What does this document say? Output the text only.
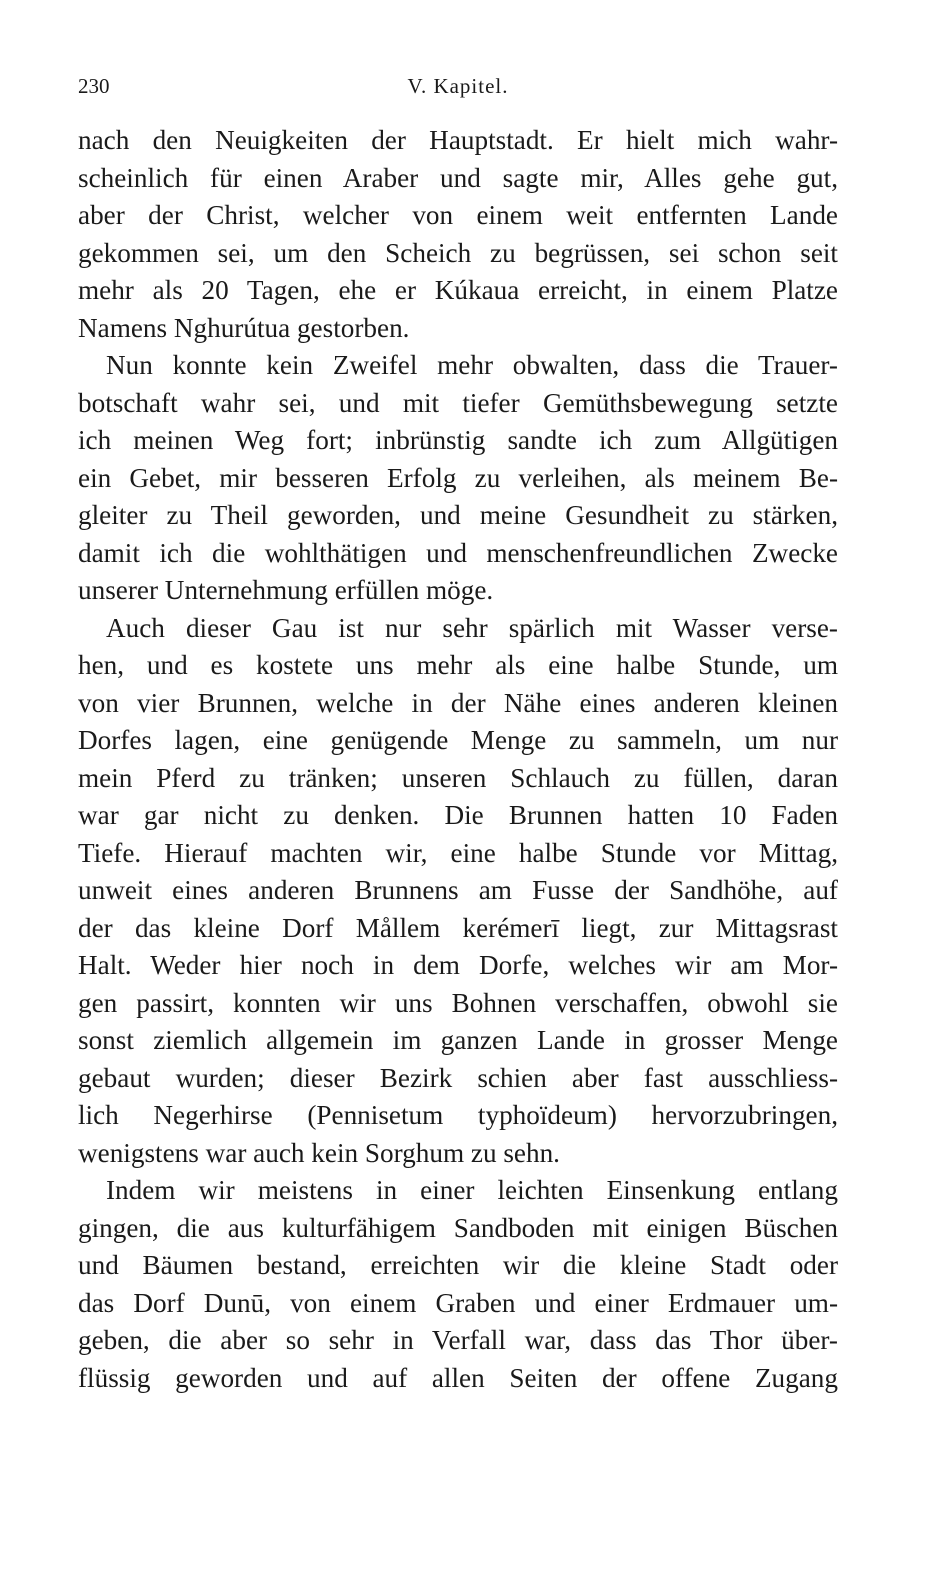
230	V. Kapitel.
nach den Neuigkeiten der Hauptstadt. Er hielt mich wahr-
scheinlich für einen Araber und sagte mir, Alles gehe gut,
aber der Christ, welcher von einem weit entfernten Lande
gekommen sei, um den Scheich zu begrüssen, sei schon seit
mehr als 20 Tagen, ehe er Kúkaua erreicht, in einem Platze
Namens Nghurútua gestorben.
Nun konnte kein Zweifel mehr obwalten, dass die Trauer-
botschaft wahr sei, und mit tiefer Gemüthsbewegung setzte
ich meinen Weg fort; inbrünstig sandte ich zum Allgütigen
ein Gebet, mir besseren Erfolg zu verleihen, als meinem Be-
gleiter zu Theil geworden, und meine Gesundheit zu stärken,
damit ich die wohlthätigen und menschenfreundlichen Zwecke
unserer Unternehmung erfüllen möge.
Auch dieser Gau ist nur sehr spärlich mit Wasser verse-
hen, und es kostete uns mehr als eine halbe Stunde, um
von vier Brunnen, welche in der Nähe eines anderen kleinen
Dorfes lagen, eine genügende Menge zu sammeln, um nur
mein Pferd zu tränken; unseren Schlauch zu füllen, daran
war gar nicht zu denken. Die Brunnen hatten 10 Faden
Tiefe. Hierauf machten wir, eine halbe Stunde vor Mittag,
unweit eines anderen Brunnens am Fusse der Sandhöhe, auf
der das kleine Dorf Mållem kerémerī liegt, zur Mittagsrast
Halt. Weder hier noch in dem Dorfe, welches wir am Mor-
gen passirt, konnten wir uns Bohnen verschaffen, obwohl sie
sonst ziemlich allgemein im ganzen Lande in grosser Menge
gebaut wurden; dieser Bezirk schien aber fast ausschliess-
lich Negerhirse (Pennisetum typhoïdeum) hervorzubringen,
wenigstens war auch kein Sorghum zu sehn.
Indem wir meistens in einer leichten Einsenkung entlang
gingen, die aus kulturfähigem Sandboden mit einigen Büschen
und Bäumen bestand, erreichten wir die kleine Stadt oder
das Dorf Dunū, von einem Graben und einer Erdmauer um-
geben, die aber so sehr in Verfall war, dass das Thor über-
flüssig geworden und auf allen Seiten der offene Zugang
